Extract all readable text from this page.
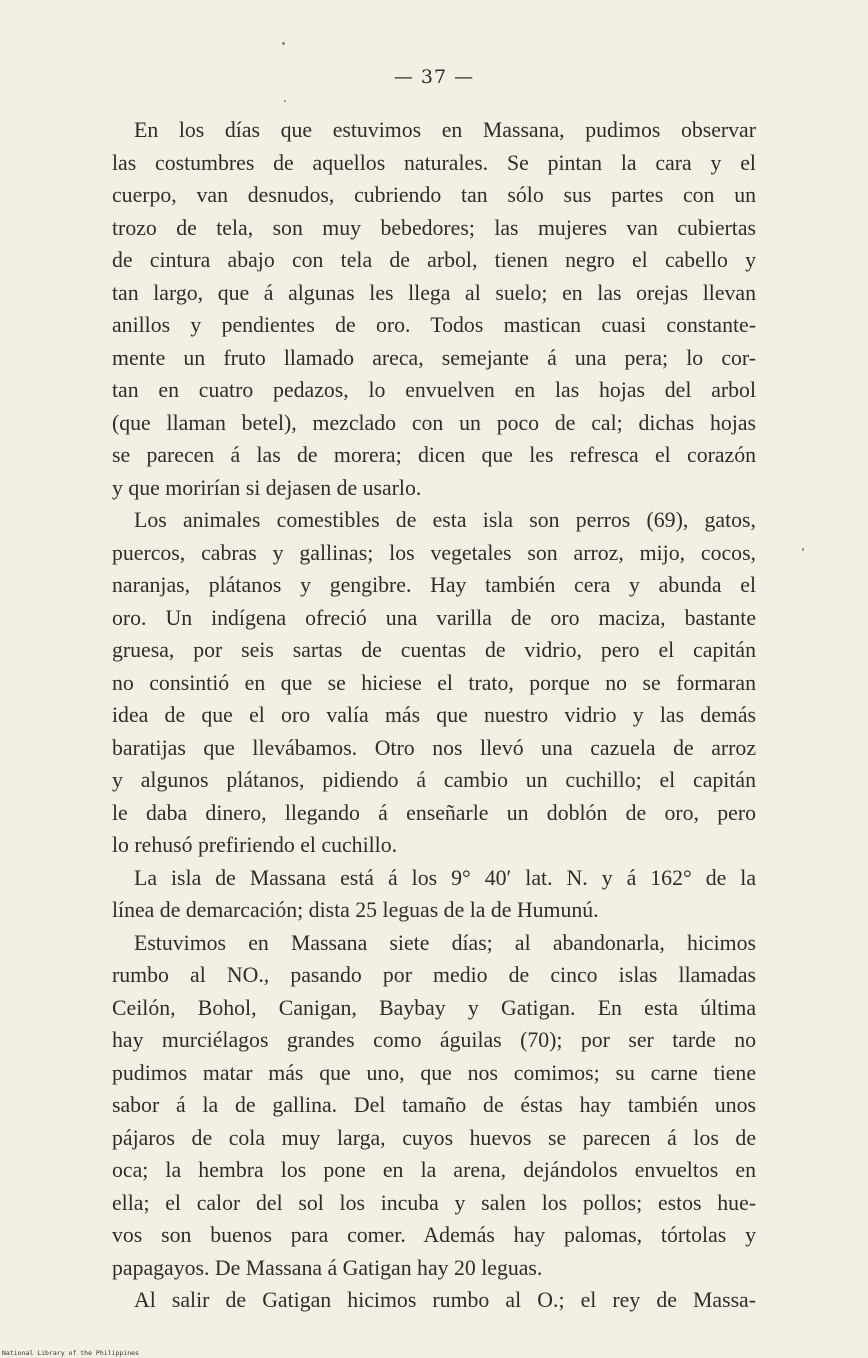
— 37 —
En los días que estuvimos en Massana, pudimos observar
las costumbres de aquellos naturales. Se pintan la cara y el
cuerpo, van desnudos, cubriendo tan sólo sus partes con un
trozo de tela, son muy bebedores; las mujeres van cubiertas
de cintura abajo con tela de arbol, tienen negro el cabello y
tan largo, que á algunas les llega al suelo; en las orejas llevan
anillos y pendientes de oro. Todos mastican cuasi constante-
mente un fruto llamado areca, semejante á una pera; lo cor-
tan en cuatro pedazos, lo envuelven en las hojas del arbol
(que llaman betel), mezclado con un poco de cal; dichas hojas
se parecen á las de morera; dicen que les refresca el corazón
y que morirían si dejasen de usarlo.
Los animales comestibles de esta isla son perros (69), gatos,
puercos, cabras y gallinas; los vegetales son arroz, mijo, cocos,
naranjas, plátanos y gengibre. Hay también cera y abunda el
oro. Un indígena ofreció una varilla de oro maciza, bastante
gruesa, por seis sartas de cuentas de vidrio, pero el capitán
no consintió en que se hiciese el trato, porque no se formaran
idea de que el oro valía más que nuestro vidrio y las demás
baratijas que llevábamos. Otro nos llevó una cazuela de arroz
y algunos plátanos, pidiendo á cambio un cuchillo; el capitán
le daba dinero, llegando á enseñarle un doblón de oro, pero
lo rehusó prefiriendo el cuchillo.
La isla de Massana está á los 9° 40′ lat. N. y á 162° de la
línea de demarcación; dista 25 leguas de la de Humunú.
Estuvimos en Massana siete días; al abandonarla, hicimos
rumbo al NO., pasando por medio de cinco islas llamadas
Ceilón, Bohol, Canigan, Baybay y Gatigan. En esta última
hay murciélagos grandes como águilas (70); por ser tarde no
pudimos matar más que uno, que nos comimos; su carne tiene
sabor á la de gallina. Del tamaño de éstas hay también unos
pájaros de cola muy larga, cuyos huevos se parecen á los de
oca; la hembra los pone en la arena, dejándolos envueltos en
ella; el calor del sol los incuba y salen los pollos; estos hue-
vos son buenos para comer. Además hay palomas, tórtolas y
papagayos. De Massana á Gatigan hay 20 leguas.
Al salir de Gatigan hicimos rumbo al O.; el rey de Massa-
National Library of the Philippines
